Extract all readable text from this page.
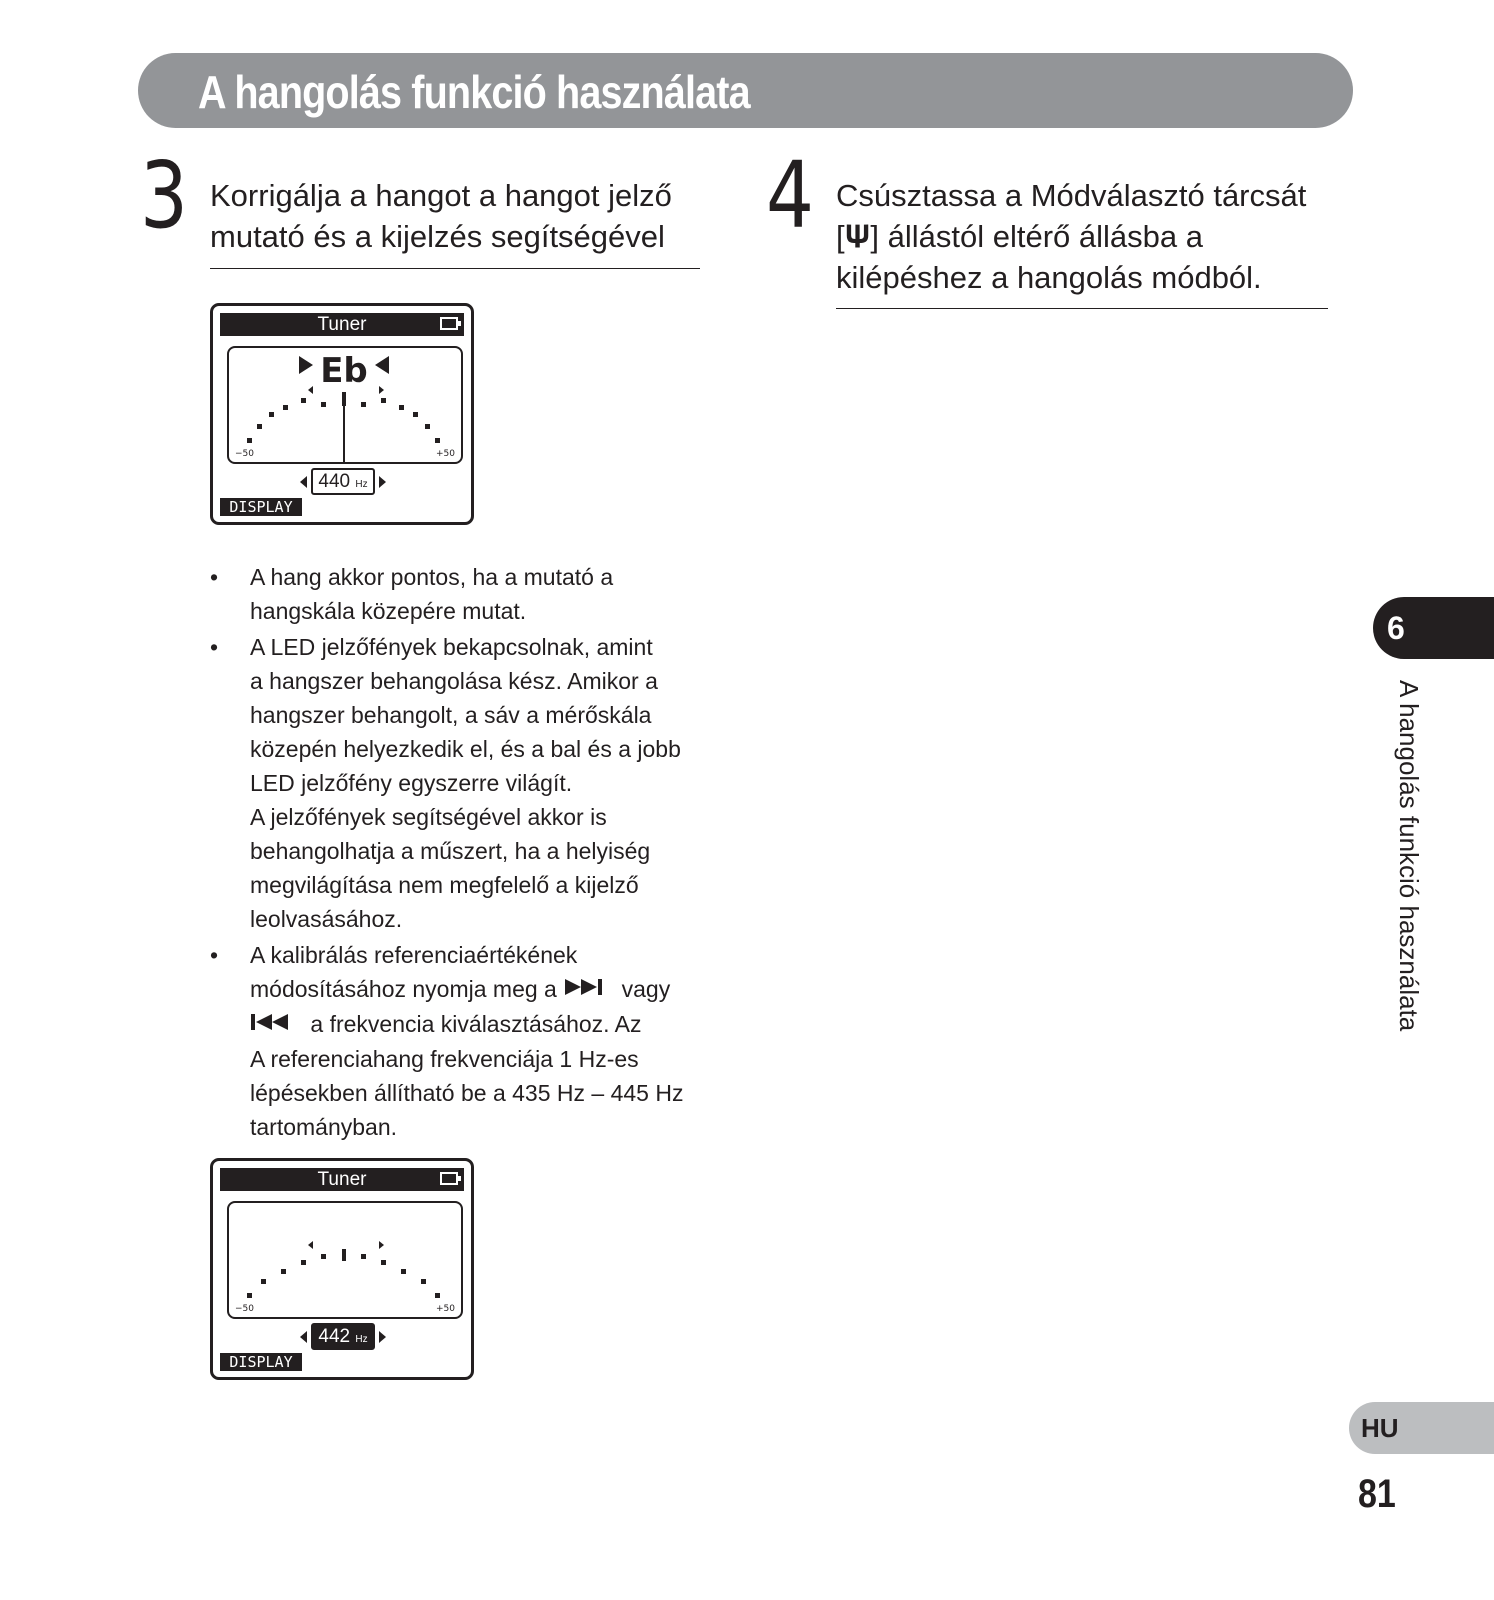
A hangolás funkció használata
3 Korrigálja a hangot a hangot jelző
mutató és a kijelzés segítségével 4 Csúsztassa a Módválasztó tárcsát
[𝚿] állástól eltérő állásba a
kilépéshez a hangolás módból.
Tuner
Eb
−50	+50
440 Hz
DISPLAY
• A hang akkor pontos, ha a mutató a

hangskála közepére mutat.

• A LED jelzőfények bekapcsolnak, amint

a hangszer behangolása kész. Amikor a

hangszer behangolt, a sáv a mérőskála

közepén helyezkedik el, és a bal és a jobb

LED jelzőfény egyszerre világít.

A jelzőfények segítségével akkor is

behangolhatja a műszert, ha a helyiség

megvilágítása nem megfelelő a kijelző

leolvasásához.

• A kalibrálás referenciaértékének

módosításához nyomja meg a	vagy

a frekvencia kiválasztásához. Az

A referenciahang frekvenciája 1 Hz-es

lépésekben állítható be a 435 Hz – 445 Hz

tartományban.

Tuner
−50	+50
442 Hz
DISPLAY
6
A hangolás funkció használata
HU
81
